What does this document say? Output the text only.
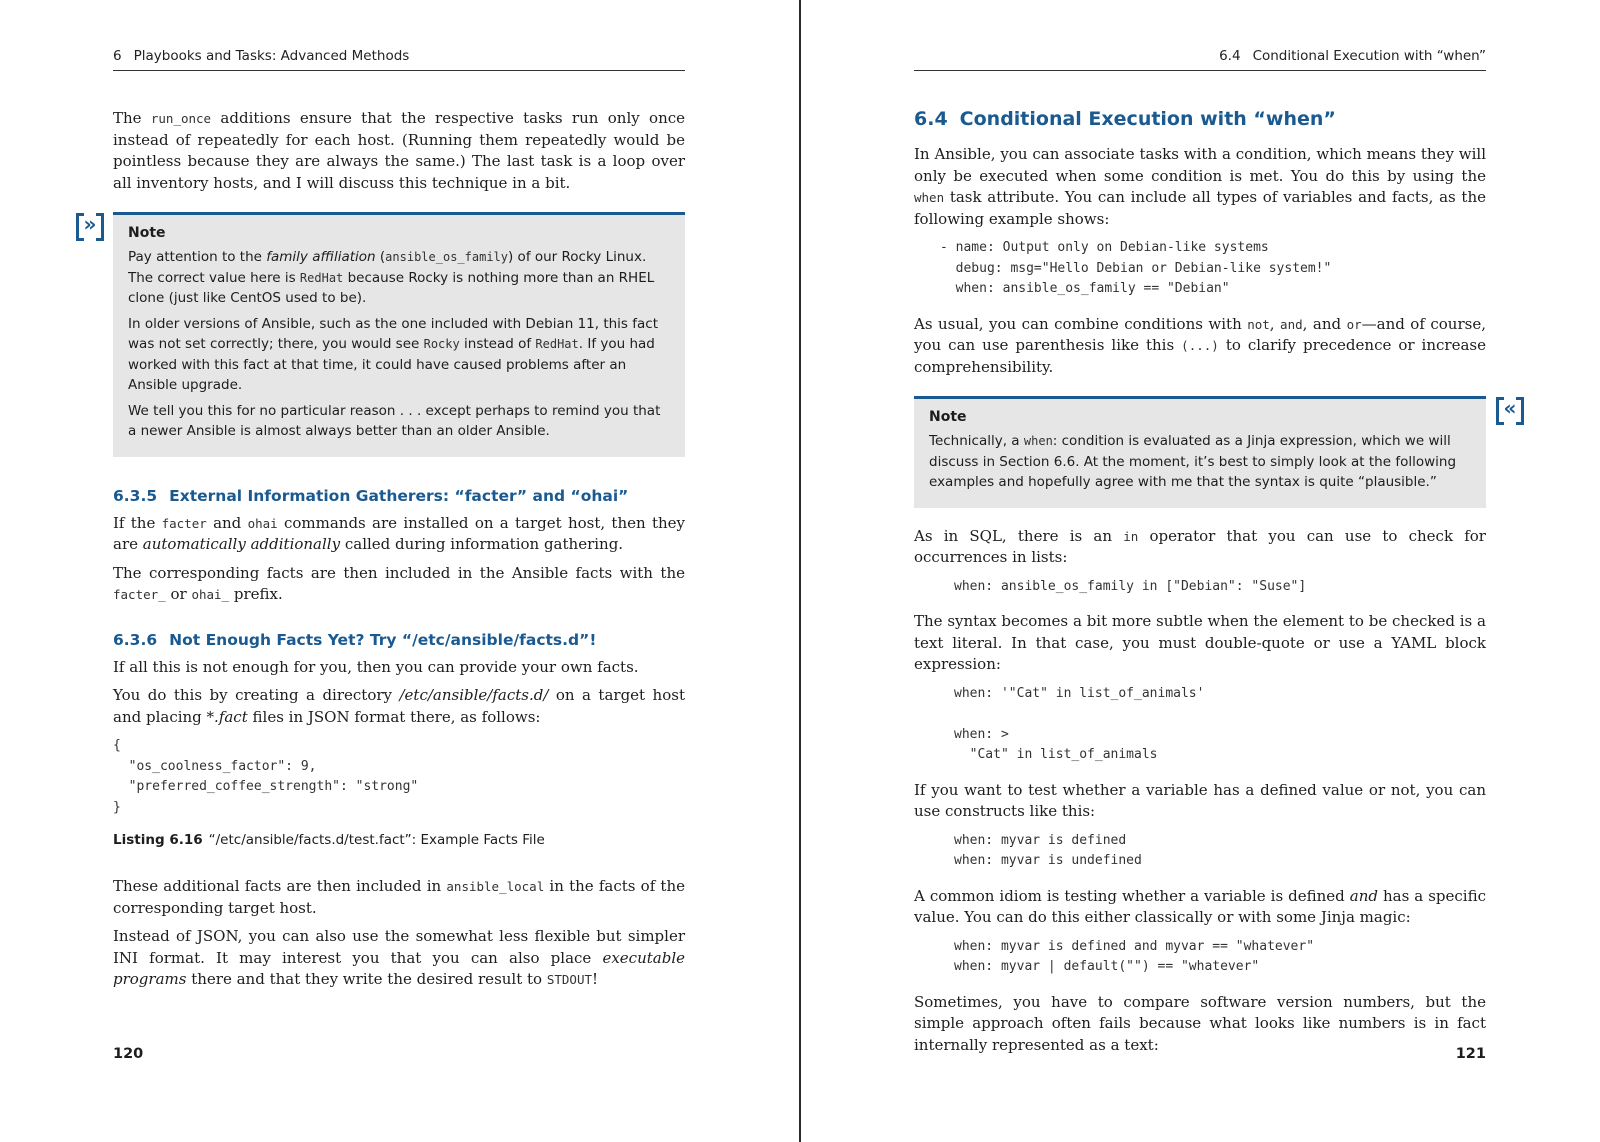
6 Playbooks and Tasks: Advanced Methods

The run_once additions ensure that the respective tasks run only once instead of repeatedly for each host. (Running them repeatedly would be pointless because they are always the same.) The last task is a loop over all inventory hosts, and I will discuss this technique in a bit.

»	Note

Pay attention to the family affiliation (ansible_os_family) of our Rocky Linux. The correct value here is RedHat because Rocky is nothing more than an RHEL clone (just like CentOS used to be).

In older versions of Ansible, such as the one included with Debian 11, this fact was not set correctly; there, you would see Rocky instead of RedHat. If you had worked with this fact at that time, it could have caused problems after an Ansible upgrade.

We tell you this for no particular reason . . . except perhaps to remind you that a newer Ansible is almost always better than an older Ansible.

6.3.5 External Information Gatherers: “facter” and “ohai”

If the facter and ohai commands are installed on a target host, then they are automatically additionally called during information gathering.

The corresponding facts are then included in the Ansible facts with the facter_ or ohai_ prefix.

6.3.6 Not Enough Facts Yet? Try “/etc/ansible/facts.d”!

If all this is not enough for you, then you can provide your own facts.

You do this by creating a directory /etc/ansible/facts.d/ on a target host and placing *.fact files in JSON format there, as follows:

{
"os_coolness_factor": 9,
"preferred_coffee_strength": "strong"
}
Listing 6.16 “/etc/ansible/facts.d/test.fact”: Example Facts File

These additional facts are then included in ansible_local in the facts of the corresponding target host.

Instead of JSON, you can also use the somewhat less flexible but simpler INI format. It may interest you that you can also place executable programs there and that they write the desired result to STDOUT!

120
6.4 Conditional Execution with “when”
6.4 Conditional Execution with “when”

In Ansible, you can associate tasks with a condition, which means they will only be executed when some condition is met. You do this by using the when task attribute. You can include all types of variables and facts, as the following example shows:

- name: Output only on Debian-like systems
debug: msg="Hello Debian or Debian-like system!"
when: ansible_os_family == "Debian"

As usual, you can combine conditions with not, and, and or—and of course, you can use parenthesis like this (...) to clarify precedence or increase comprehensibility.

«
Note

Technically, a when: condition is evaluated as a Jinja expression, which we will discuss in Section 6.6. At the moment, it’s best to simply look at the following examples and hopefully agree with me that the syntax is quite “plausible.”

As in SQL, there is an in operator that you can use to check for occurrences in lists:

when: ansible_os_family in ["Debian": "Suse"]

The syntax becomes a bit more subtle when the element to be checked is a text literal. In that case, you must double-quote or use a YAML block expression:

when: '"Cat" in list_of_animals'

when: >
"Cat" in list_of_animals

If you want to test whether a variable has a defined value or not, you can use constructs like this:

when: myvar is defined
when: myvar is undefined

A common idiom is testing whether a variable is defined and has a specific value. You can do this either classically or with some Jinja magic:

when: myvar is defined and myvar == "whatever"
when: myvar | default("") == "whatever"

Sometimes, you have to compare software version numbers, but the simple approach often fails because what looks like numbers is in fact internally represented as a text:

121
